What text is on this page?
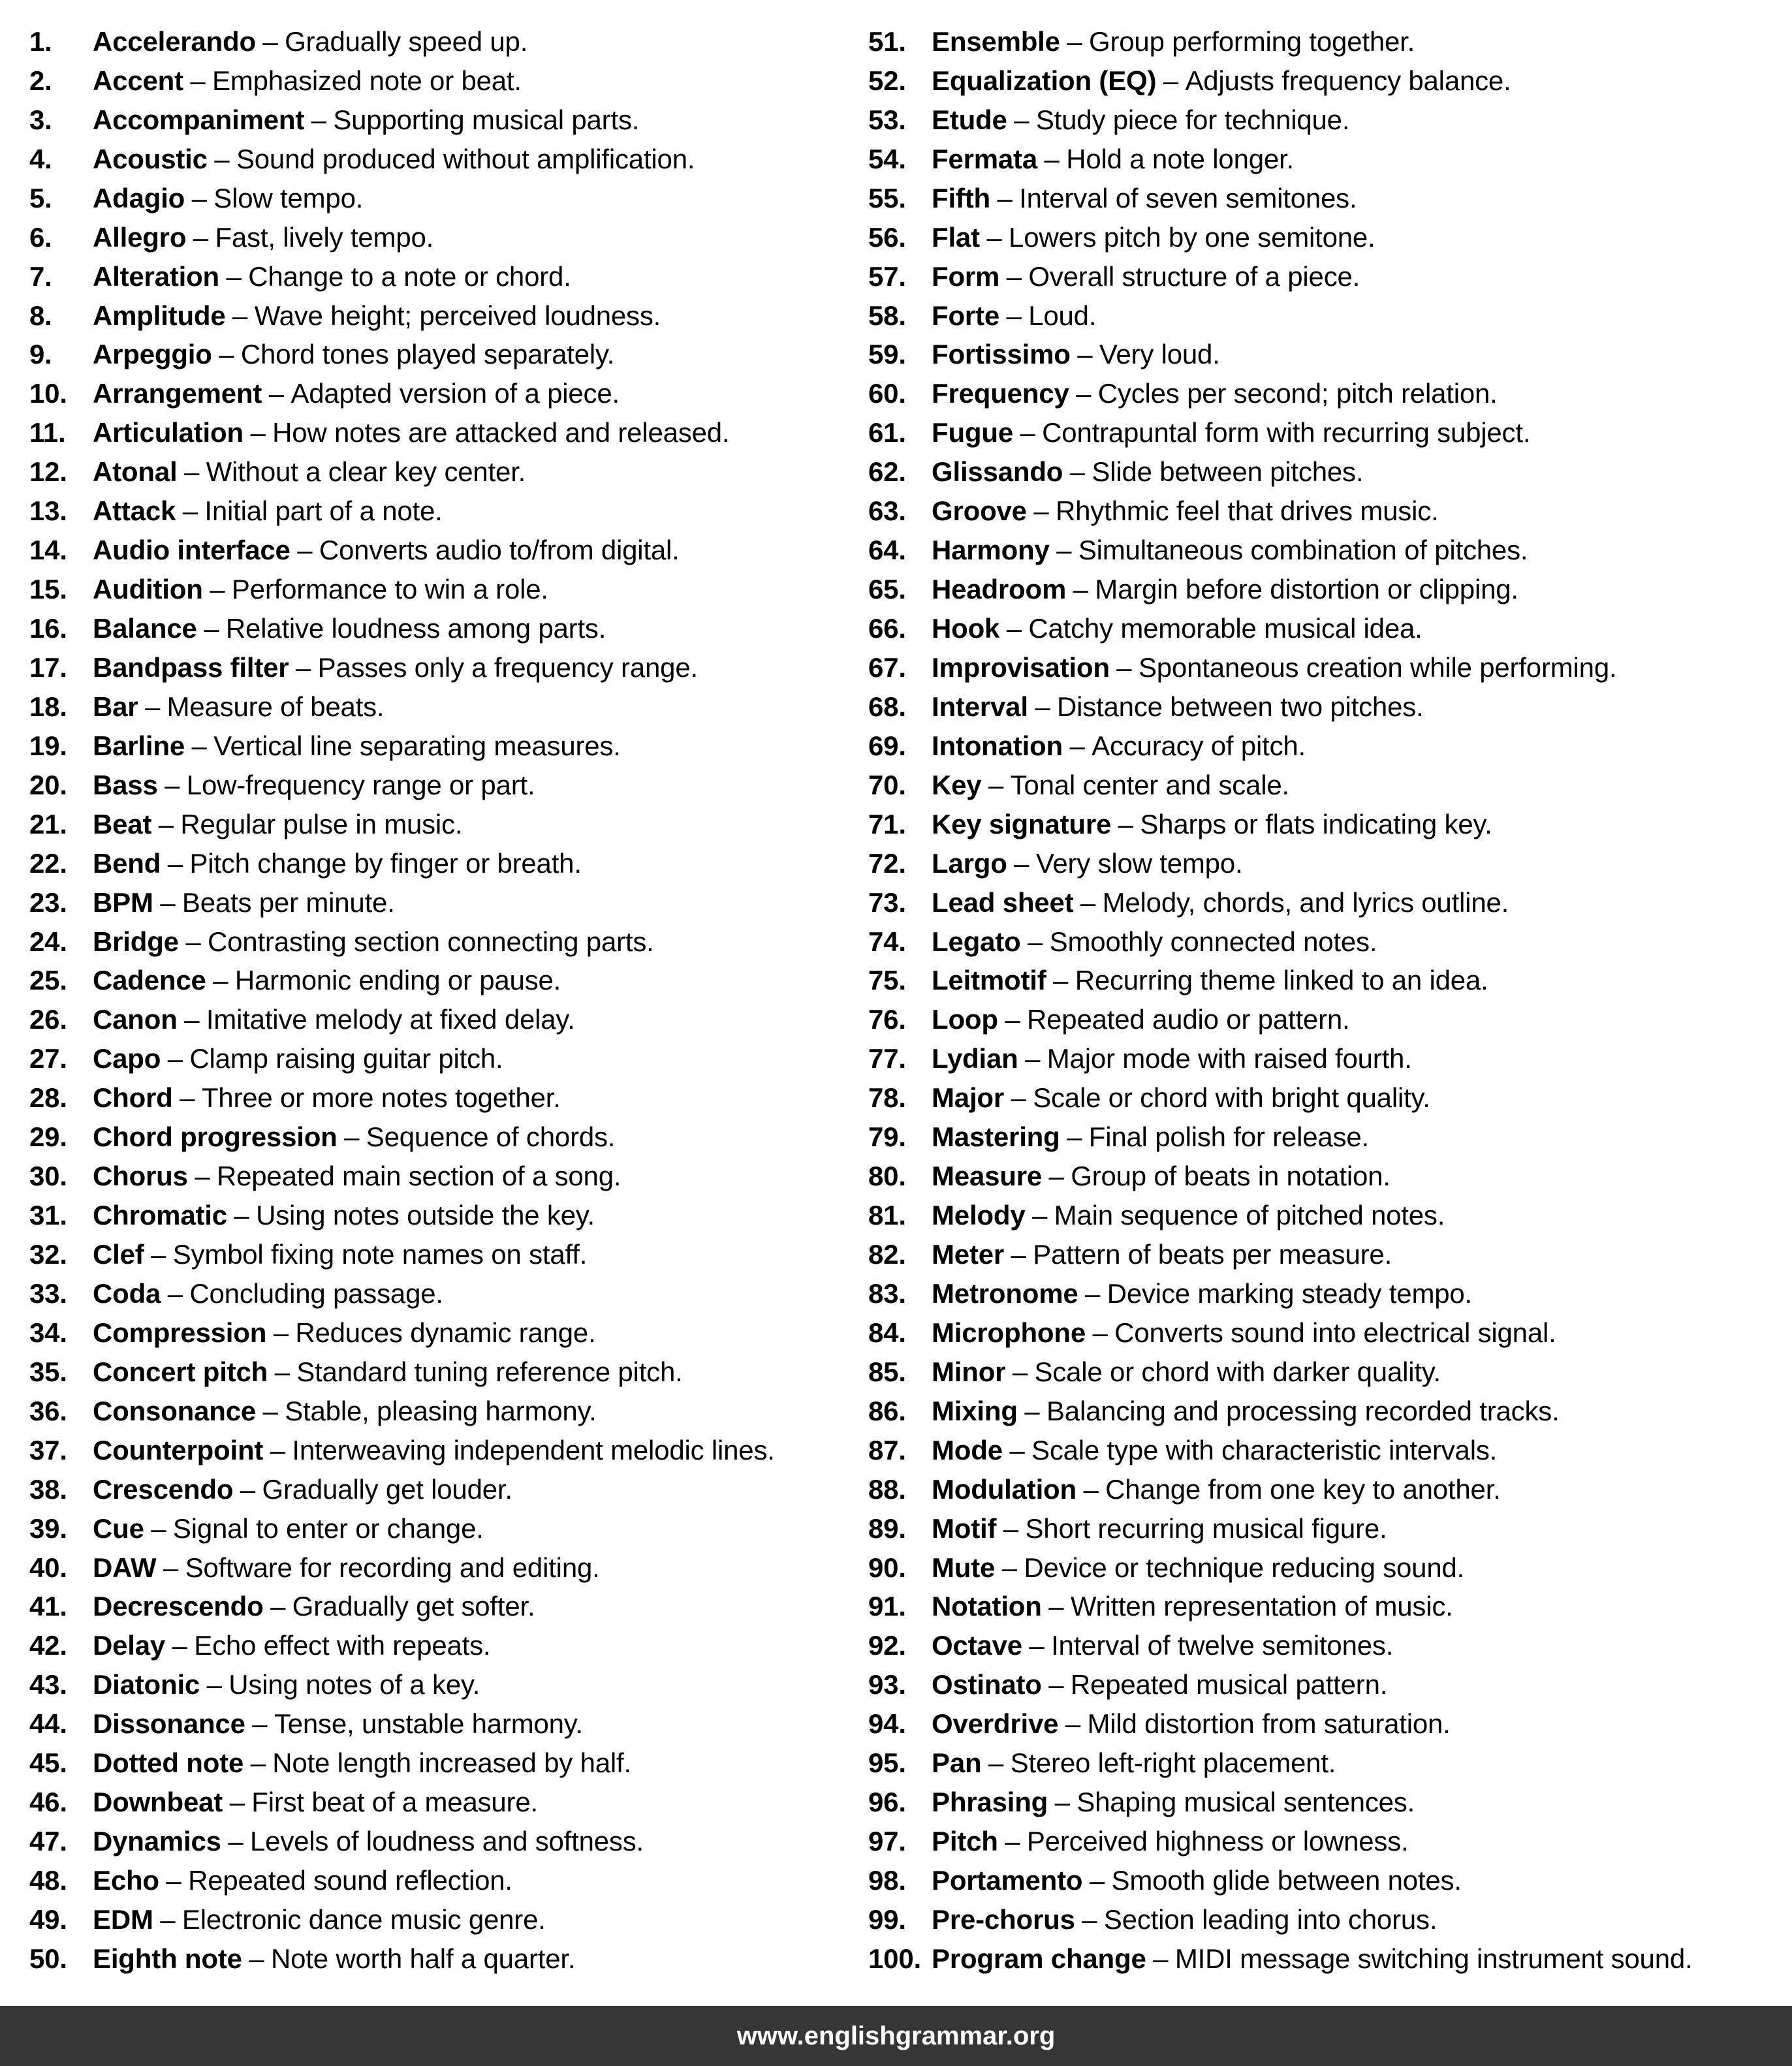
1.	Accelerando – Gradually speed up.
2.	Accent – Emphasized note or beat.
3.	Accompaniment – Supporting musical parts.
4.	Acoustic – Sound produced without amplification.
5.	Adagio – Slow tempo.
6.	Allegro – Fast, lively tempo.
7.	Alteration – Change to a note or chord.
8.	Amplitude – Wave height; perceived loudness.
9.	Arpeggio – Chord tones played separately.
10. Arrangement – Adapted version of a piece.
11. Articulation – How notes are attacked and released.
12. Atonal – Without a clear key center.
13. Attack – Initial part of a note.
14. Audio interface – Converts audio to/from digital.
15. Audition – Performance to win a role.
16. Balance – Relative loudness among parts.
17. Bandpass filter – Passes only a frequency range.
18. Bar – Measure of beats.
19. Barline – Vertical line separating measures.
20. Bass – Low-frequency range or part.
21. Beat – Regular pulse in music.
22. Bend – Pitch change by finger or breath.
23. BPM – Beats per minute.
24. Bridge – Contrasting section connecting parts.
25. Cadence – Harmonic ending or pause.
26. Canon – Imitative melody at fixed delay.
27. Capo – Clamp raising guitar pitch.
28. Chord – Three or more notes together.
29. Chord progression – Sequence of chords.
30. Chorus – Repeated main section of a song.
31. Chromatic – Using notes outside the key.
32. Clef – Symbol fixing note names on staff.
33. Coda – Concluding passage.
34. Compression – Reduces dynamic range.
35. Concert pitch – Standard tuning reference pitch.
36. Consonance – Stable, pleasing harmony.
37. Counterpoint – Interweaving independent melodic lines.
38. Crescendo – Gradually get louder.
39. Cue – Signal to enter or change.
40. DAW – Software for recording and editing.
41. Decrescendo – Gradually get softer.
42. Delay – Echo effect with repeats.
43. Diatonic – Using notes of a key.
44. Dissonance – Tense, unstable harmony.
45. Dotted note – Note length increased by half.
46. Downbeat – First beat of a measure.
47. Dynamics – Levels of loudness and softness.
48. Echo – Repeated sound reflection.
49. EDM – Electronic dance music genre.
50. Eighth note – Note worth half a quarter.
51. Ensemble – Group performing together.
52. Equalization (EQ) – Adjusts frequency balance.
53. Etude – Study piece for technique.
54. Fermata – Hold a note longer.
55. Fifth – Interval of seven semitones.
56. Flat – Lowers pitch by one semitone.
57. Form – Overall structure of a piece.
58. Forte – Loud.
59. Fortissimo – Very loud.
60. Frequency – Cycles per second; pitch relation.
61. Fugue – Contrapuntal form with recurring subject.
62. Glissando – Slide between pitches.
63. Groove – Rhythmic feel that drives music.
64. Harmony – Simultaneous combination of pitches.
65. Headroom – Margin before distortion or clipping.
66. Hook – Catchy memorable musical idea.
67. Improvisation – Spontaneous creation while performing.
68. Interval – Distance between two pitches.
69. Intonation – Accuracy of pitch.
70. Key – Tonal center and scale.
71. Key signature – Sharps or flats indicating key.
72. Largo – Very slow tempo.
73. Lead sheet – Melody, chords, and lyrics outline.
74. Legato – Smoothly connected notes.
75. Leitmotif – Recurring theme linked to an idea.
76. Loop – Repeated audio or pattern.
77. Lydian – Major mode with raised fourth.
78. Major – Scale or chord with bright quality.
79. Mastering – Final polish for release.
80. Measure – Group of beats in notation.
81. Melody – Main sequence of pitched notes.
82. Meter – Pattern of beats per measure.
83. Metronome – Device marking steady tempo.
84. Microphone – Converts sound into electrical signal.
85. Minor – Scale or chord with darker quality.
86. Mixing – Balancing and processing recorded tracks.
87. Mode – Scale type with characteristic intervals.
88. Modulation – Change from one key to another.
89. Motif – Short recurring musical figure.
90. Mute – Device or technique reducing sound.
91. Notation – Written representation of music.
92. Octave – Interval of twelve semitones.
93. Ostinato – Repeated musical pattern.
94. Overdrive – Mild distortion from saturation.
95. Pan – Stereo left-right placement.
96. Phrasing – Shaping musical sentences.
97. Pitch – Perceived highness or lowness.
98. Portamento – Smooth glide between notes.
99. Pre-chorus – Section leading into chorus.
100. Program change – MIDI message switching instrument sound.
www.englishgrammar.org
